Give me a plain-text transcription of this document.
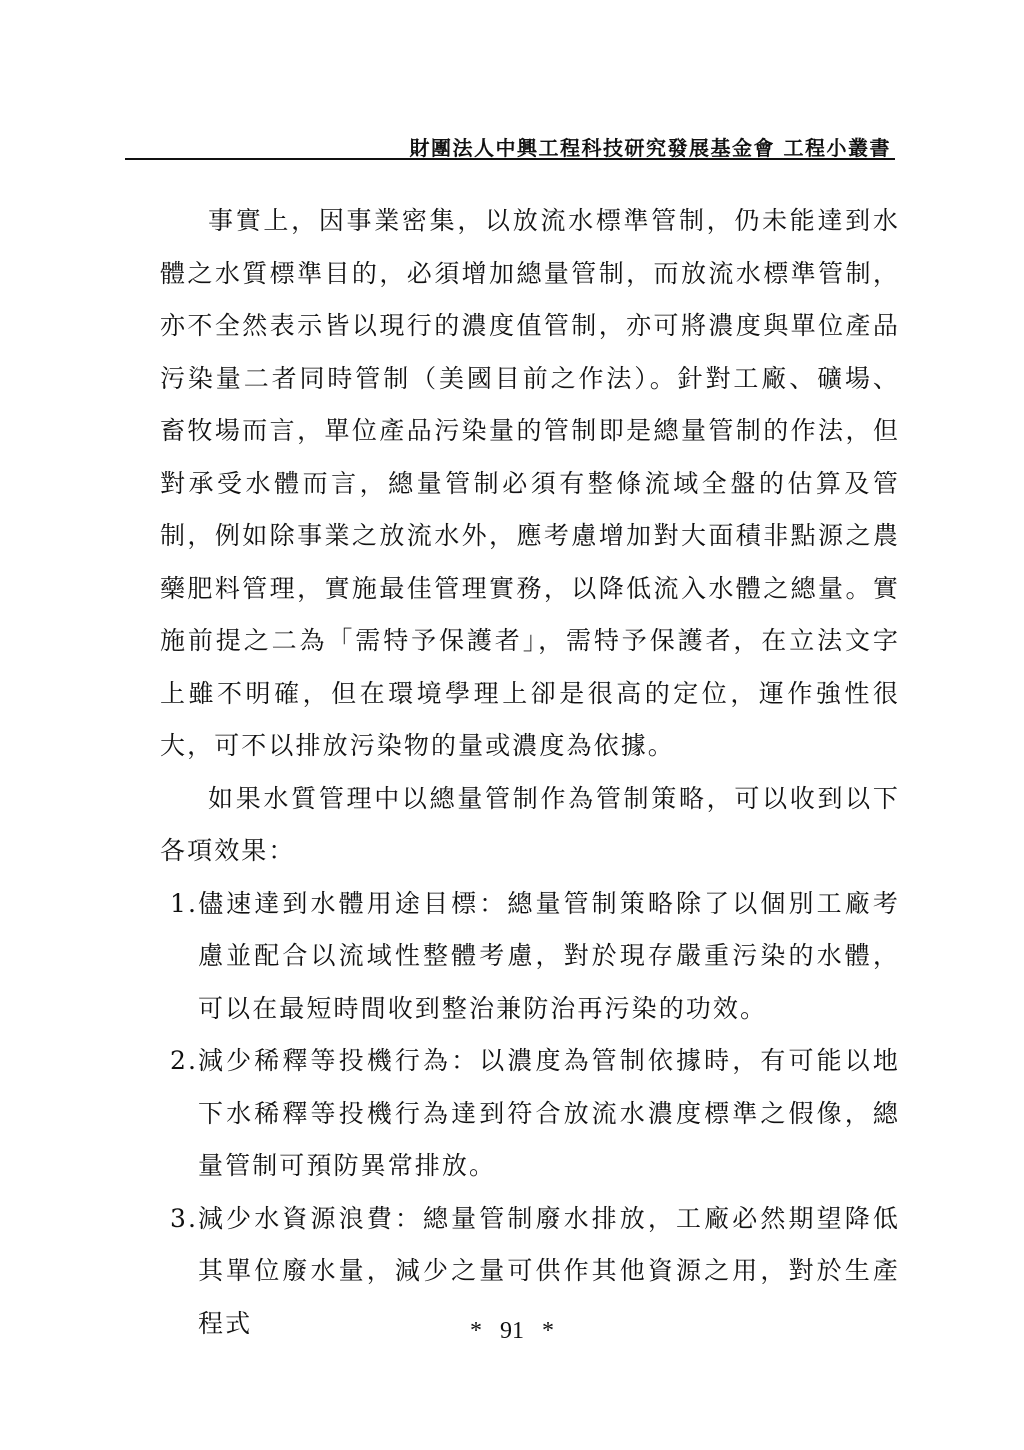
財團法人中興工程科技研究發展基金會 工程小叢書

事實上，因事業密集，以放流水標準管制，仍未能達到水體之水質標準目的，必須增加總量管制，而放流水標準管制，亦不全然表示皆以現行的濃度值管制，亦可將濃度與單位產品污染量二者同時管制（美國目前之作法）。針對工廠、礦場、畜牧場而言，單位產品污染量的管制即是總量管制的作法，但對承受水體而言，總量管制必須有整條流域全盤的估算及管制，例如除事業之放流水外，應考慮增加對大面積非點源之農藥肥料管理，實施最佳管理實務，以降低流入水體之總量。實施前提之二為「需特予保護者」，需特予保護者，在立法文字上雖不明確，但在環境學理上卻是很高的定位，運作強性很大，可不以排放污染物的量或濃度為依據。

如果水質管理中以總量管制作為管制策略，可以收到以下各項效果：

1. 儘速達到水體用途目標：總量管制策略除了以個別工廠考慮並配合以流域性整體考慮，對於現存嚴重污染的水體，可以在最短時間收到整治兼防治再污染的功效。
2. 減少稀釋等投機行為：以濃度為管制依據時，有可能以地下水稀釋等投機行為達到符合放流水濃度標準之假像，總量管制可預防異常排放。
3. 減少水資源浪費：總量管制廢水排放，工廠必然期望降低其單位廢水量，減少之量可供作其他資源之用，對於生產程式	*   91   *
